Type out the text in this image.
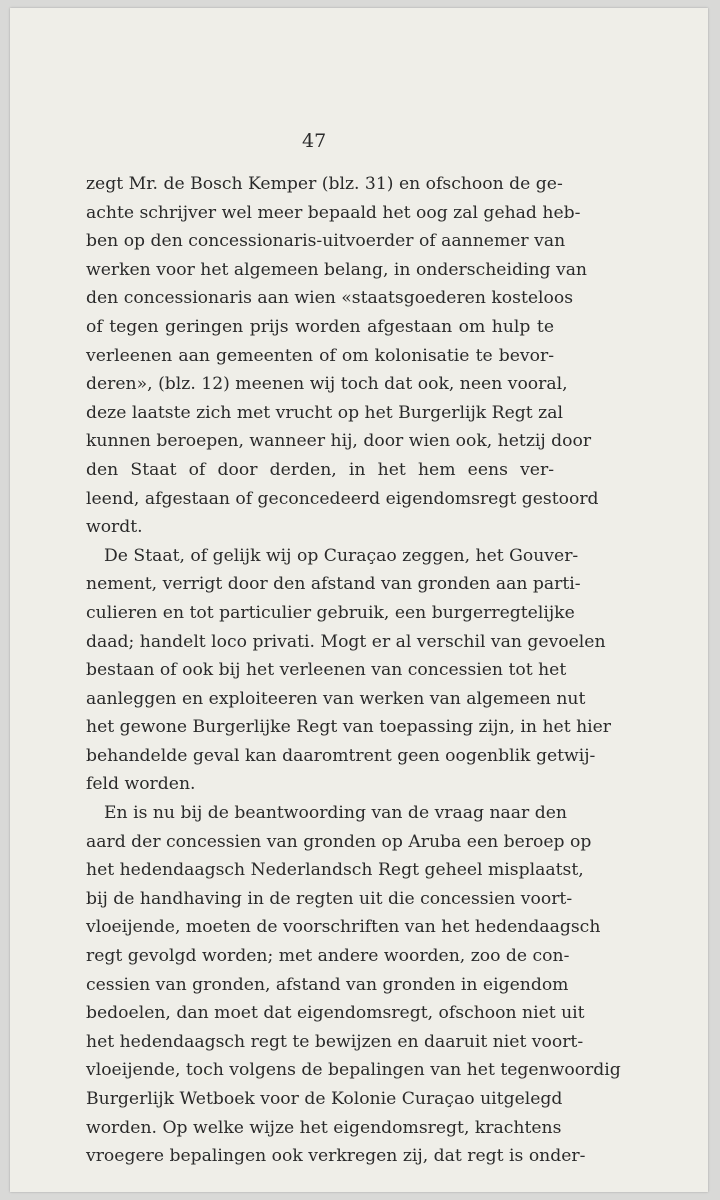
47
zegt Mr. de Bosch Kemper (blz. 31) en ofschoon de ge-
achte schrijver wel meer bepaald het oog zal gehad heb-
ben op den concessionaris-uitvoerder of aannemer van
werken voor het algemeen belang, in onderscheiding van
den concessionaris aan wien «staatsgoederen kosteloos
of tegen geringen prijs worden afgestaan om hulp te
verleenen aan gemeenten of om kolonisatie te bevor-
deren», (blz. 12) meenen wij toch dat ook, neen vooral,
deze laatste zich met vrucht op het Burgerlijk Regt zal
kunnen beroepen, wanneer hij, door wien ook, hetzij door
den Staat of door derden, in het hem eens ver-
leend, afgestaan of geconcedeerd eigendomsregt gestoord
wordt.
De Staat, of gelijk wij op Curaçao zeggen, het Gouver-
nement, verrigt door den afstand van gronden aan parti-
culieren en tot particulier gebruik, een burgerregtelijke
daad; handelt loco privati. Mogt er al verschil van gevoelen
bestaan of ook bij het verleenen van concessien tot het
aanleggen en exploiteeren van werken van algemeen nut
het gewone Burgerlijke Regt van toepassing zijn, in het hier
behandelde geval kan daaromtrent geen oogenblik getwij-
feld worden.
En is nu bij de beantwoording van de vraag naar den
aard der concessien van gronden op Aruba een beroep op
het hedendaagsch Nederlandsch Regt geheel misplaatst,
bij de handhaving in de regten uit die concessien voort-
vloeijende, moeten de voorschriften van het hedendaagsch
regt gevolgd worden; met andere woorden, zoo de con-
cessien van gronden, afstand van gronden in eigendom
bedoelen, dan moet dat eigendomsregt, ofschoon niet uit
het hedendaagsch regt te bewijzen en daaruit niet voort-
vloeijende, toch volgens de bepalingen van het tegenwoordig
Burgerlijk Wetboek voor de Kolonie Curaçao uitgelegd
worden. Op welke wijze het eigendomsregt, krachtens
vroegere bepalingen ook verkregen zij, dat regt is onder-
